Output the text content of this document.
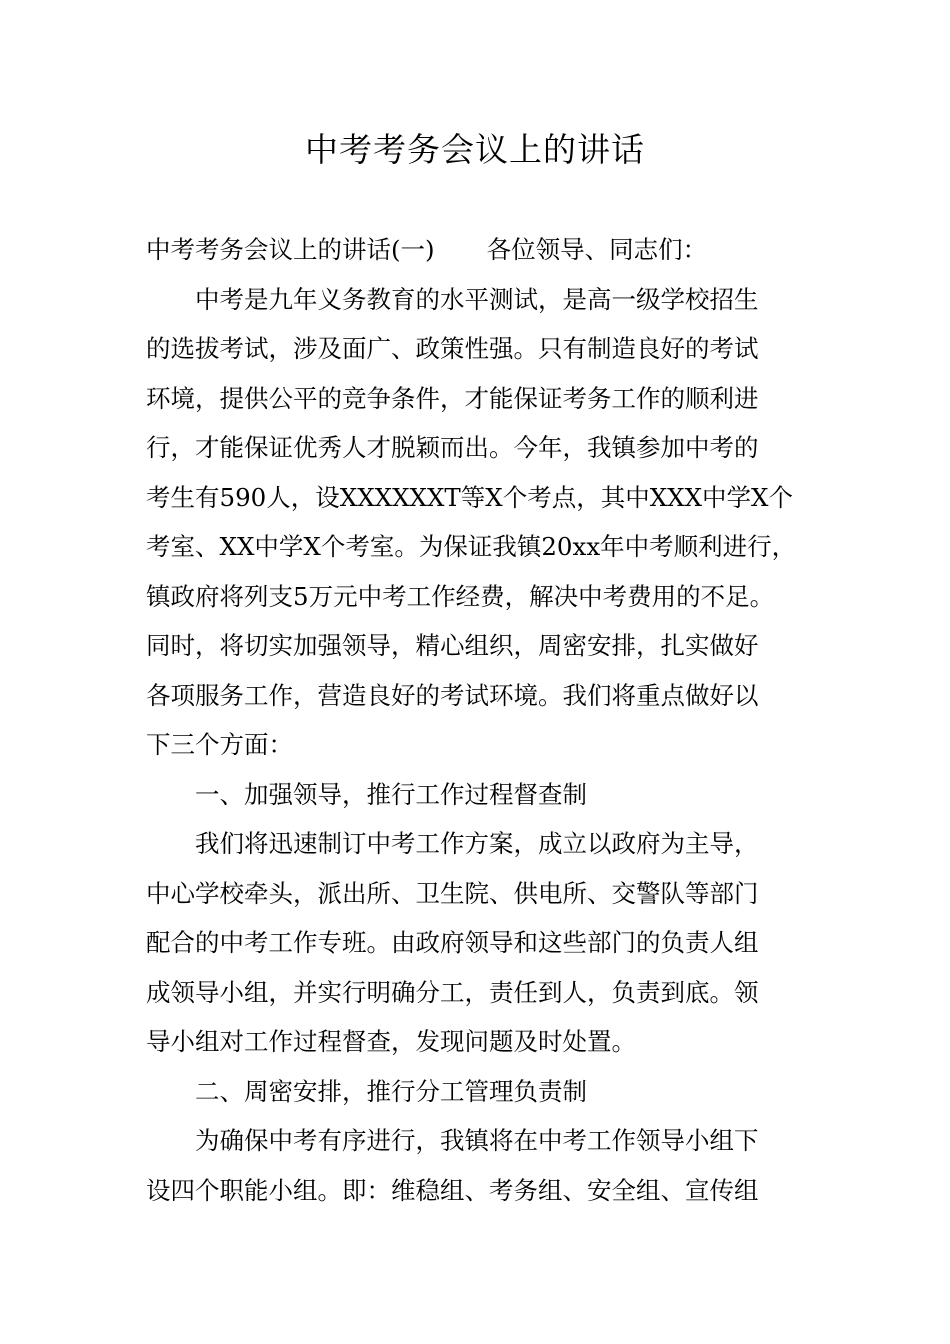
中考考务会议上的讲话
中考考务会议上的讲话(一) 各位领导、同志们：
中考是九年义务教育的水平测试，是高一级学校招生
的选拔考试，涉及面广、政策性强。只有制造良好的考试
环境，提供公平的竞争条件，才能保证考务工作的顺利进
行，才能保证优秀人才脱颖而出。今年，我镇参加中考的
考生有590人，设XXXXXXT等X个考点，其中XXX中学X个
考室、XX中学X个考室。为保证我镇20xx年中考顺利进行，
镇政府将列支5万元中考工作经费，解决中考费用的不足。
同时，将切实加强领导，精心组织，周密安排，扎实做好
各项服务工作，营造良好的考试环境。我们将重点做好以
下三个方面：
一、加强领导，推行工作过程督查制
我们将迅速制订中考工作方案，成立以政府为主导，
中心学校牵头，派出所、卫生院、供电所、交警队等部门
配合的中考工作专班。由政府领导和这些部门的负责人组
成领导小组，并实行明确分工，责任到人，负责到底。领
导小组对工作过程督查，发现问题及时处置。
二、周密安排，推行分工管理负责制
为确保中考有序进行，我镇将在中考工作领导小组下
设四个职能小组。即：维稳组、考务组、安全组、宣传组
